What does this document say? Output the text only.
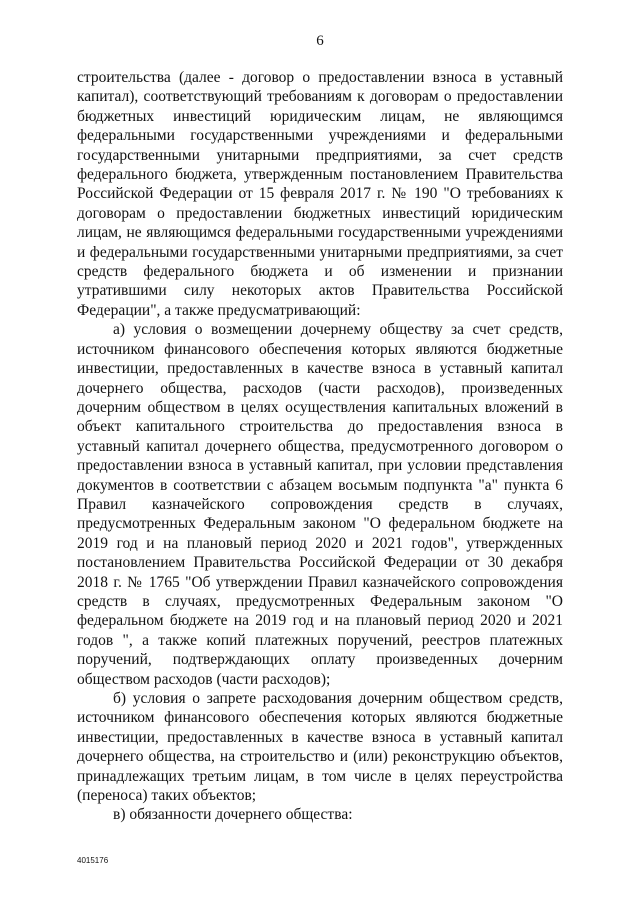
6

строительства (далее - договор о предоставлении взноса в уставный капитал), соответствующий требованиям к договорам о предоставлении бюджетных инвестиций юридическим лицам, не являющимся федеральными государственными учреждениями и федеральными государственными унитарными предприятиями, за счет средств федерального бюджета, утвержденным постановлением Правительства Российской Федерации от 15 февраля 2017 г. № 190 "О требованиях к договорам о предоставлении бюджетных инвестиций юридическим лицам, не являющимся федеральными государственными учреждениями и федеральными государственными унитарными предприятиями, за счет средств федерального бюджета и об изменении и признании утратившими силу некоторых актов Правительства Российской Федерации", а также предусматривающий:

а) условия о возмещении дочернему обществу за счет средств, источником финансового обеспечения которых являются бюджетные инвестиции, предоставленных в качестве взноса в уставный капитал дочернего общества, расходов (части расходов), произведенных дочерним обществом в целях осуществления капитальных вложений в объект капитального строительства до предоставления взноса в уставный капитал дочернего общества, предусмотренного договором о предоставлении взноса в уставный капитал, при условии представления документов в соответствии с абзацем восьмым подпункта "а" пункта 6 Правил казначейского сопровождения средств в случаях, предусмотренных Федеральным законом "О федеральном бюджете на 2019 год и на плановый период 2020 и 2021 годов", утвержденных постановлением Правительства Российской Федерации от 30 декабря 2018 г. № 1765 "Об утверждении Правил казначейского сопровождения средств в случаях, предусмотренных Федеральным законом "О федеральном бюджете на 2019 год и на плановый период 2020 и 2021 годов ", а также копий платежных поручений, реестров платежных поручений, подтверждающих оплату произведенных дочерним обществом расходов (части расходов);

б) условия о запрете расходования дочерним обществом средств, источником финансового обеспечения которых являются бюджетные инвестиции, предоставленных в качестве взноса в уставный капитал дочернего общества, на строительство и (или) реконструкцию объектов, принадлежащих третьим лицам, в том числе в целях переустройства (переноса) таких объектов;

в) обязанности дочернего общества:

4015176
